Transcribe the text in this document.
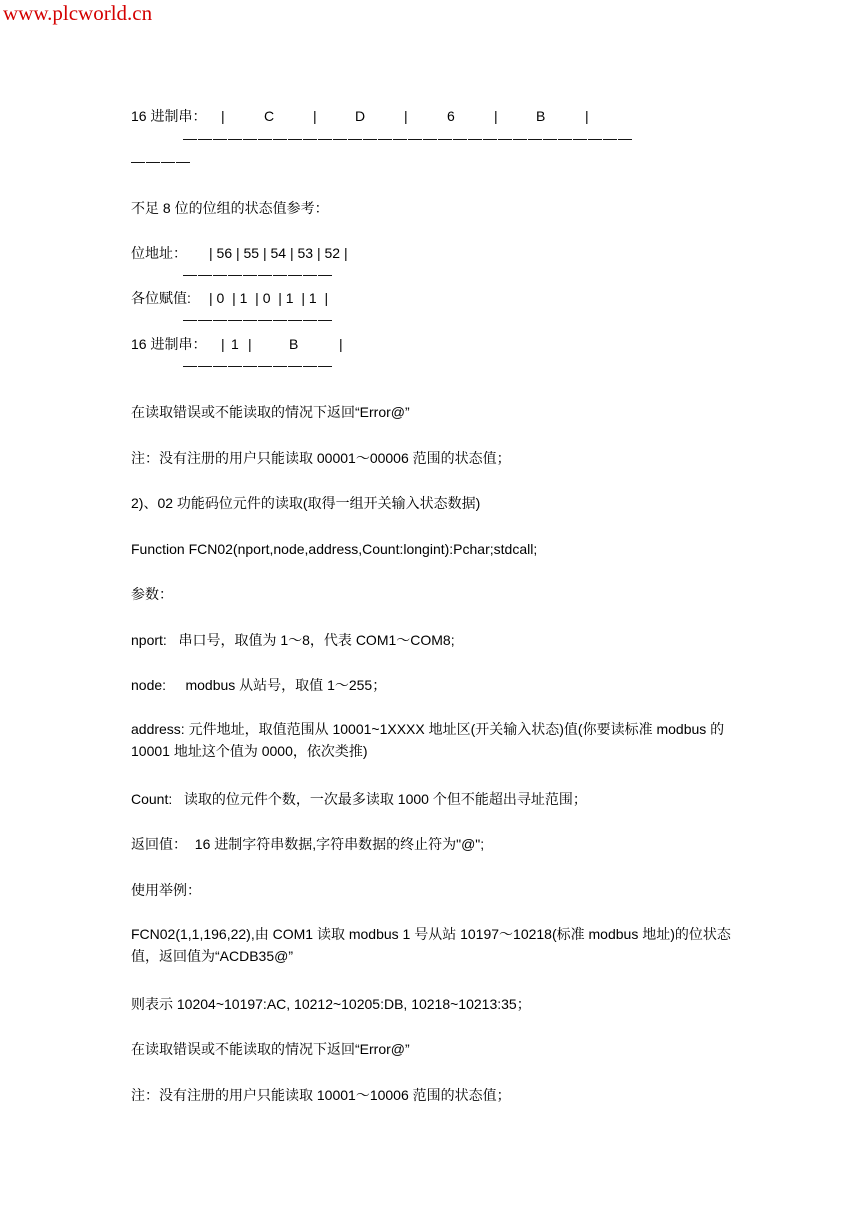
www.plcworld.cn
16 进制串： |	C	|	D	|	6	|	B	|
——————————————————————————————
————
不足 8 位的位组的状态值参考：
位地址： | 56 | 55 | 54 | 53 | 52 |
——————————
各位赋值: | 0  | 1  | 0  | 1  | 1  |
——————————
16 进制串： | 1 |	B	|
——————————
在读取错误或不能读取的情况下返回“Error@”
注：没有注册的用户只能读取 00001～00006 范围的状态值；
2)、02 功能码位元件的读取(取得一组开关输入状态数据)
Function FCN02(nport,node,address,Count:longint):Pchar;stdcall;
参数：
nport:   串口号，取值为 1～8，代表 COM1～COM8;
node:     modbus 从站号，取值 1～255；
address: 元件地址，取值范围从 10001~1XXXX 地址区(开关输入状态)值(你要读标准 modbus 的 10001 地址这个值为 0000，依次类推)
Count:   读取的位元件个数，一次最多读取 1000 个但不能超出寻址范围；
返回值：  16 进制字符串数据,字符串数据的终止符为"@";
使用举例：
FCN02(1,1,196,22),由 COM1 读取 modbus 1 号从站 10197～10218(标准 modbus 地址)的位状态值，返回值为“ACDB35@”
则表示 10204~10197:AC, 10212~10205:DB, 10218~10213:35；
在读取错误或不能读取的情况下返回“Error@”
注：没有注册的用户只能读取 10001～10006 范围的状态值；
